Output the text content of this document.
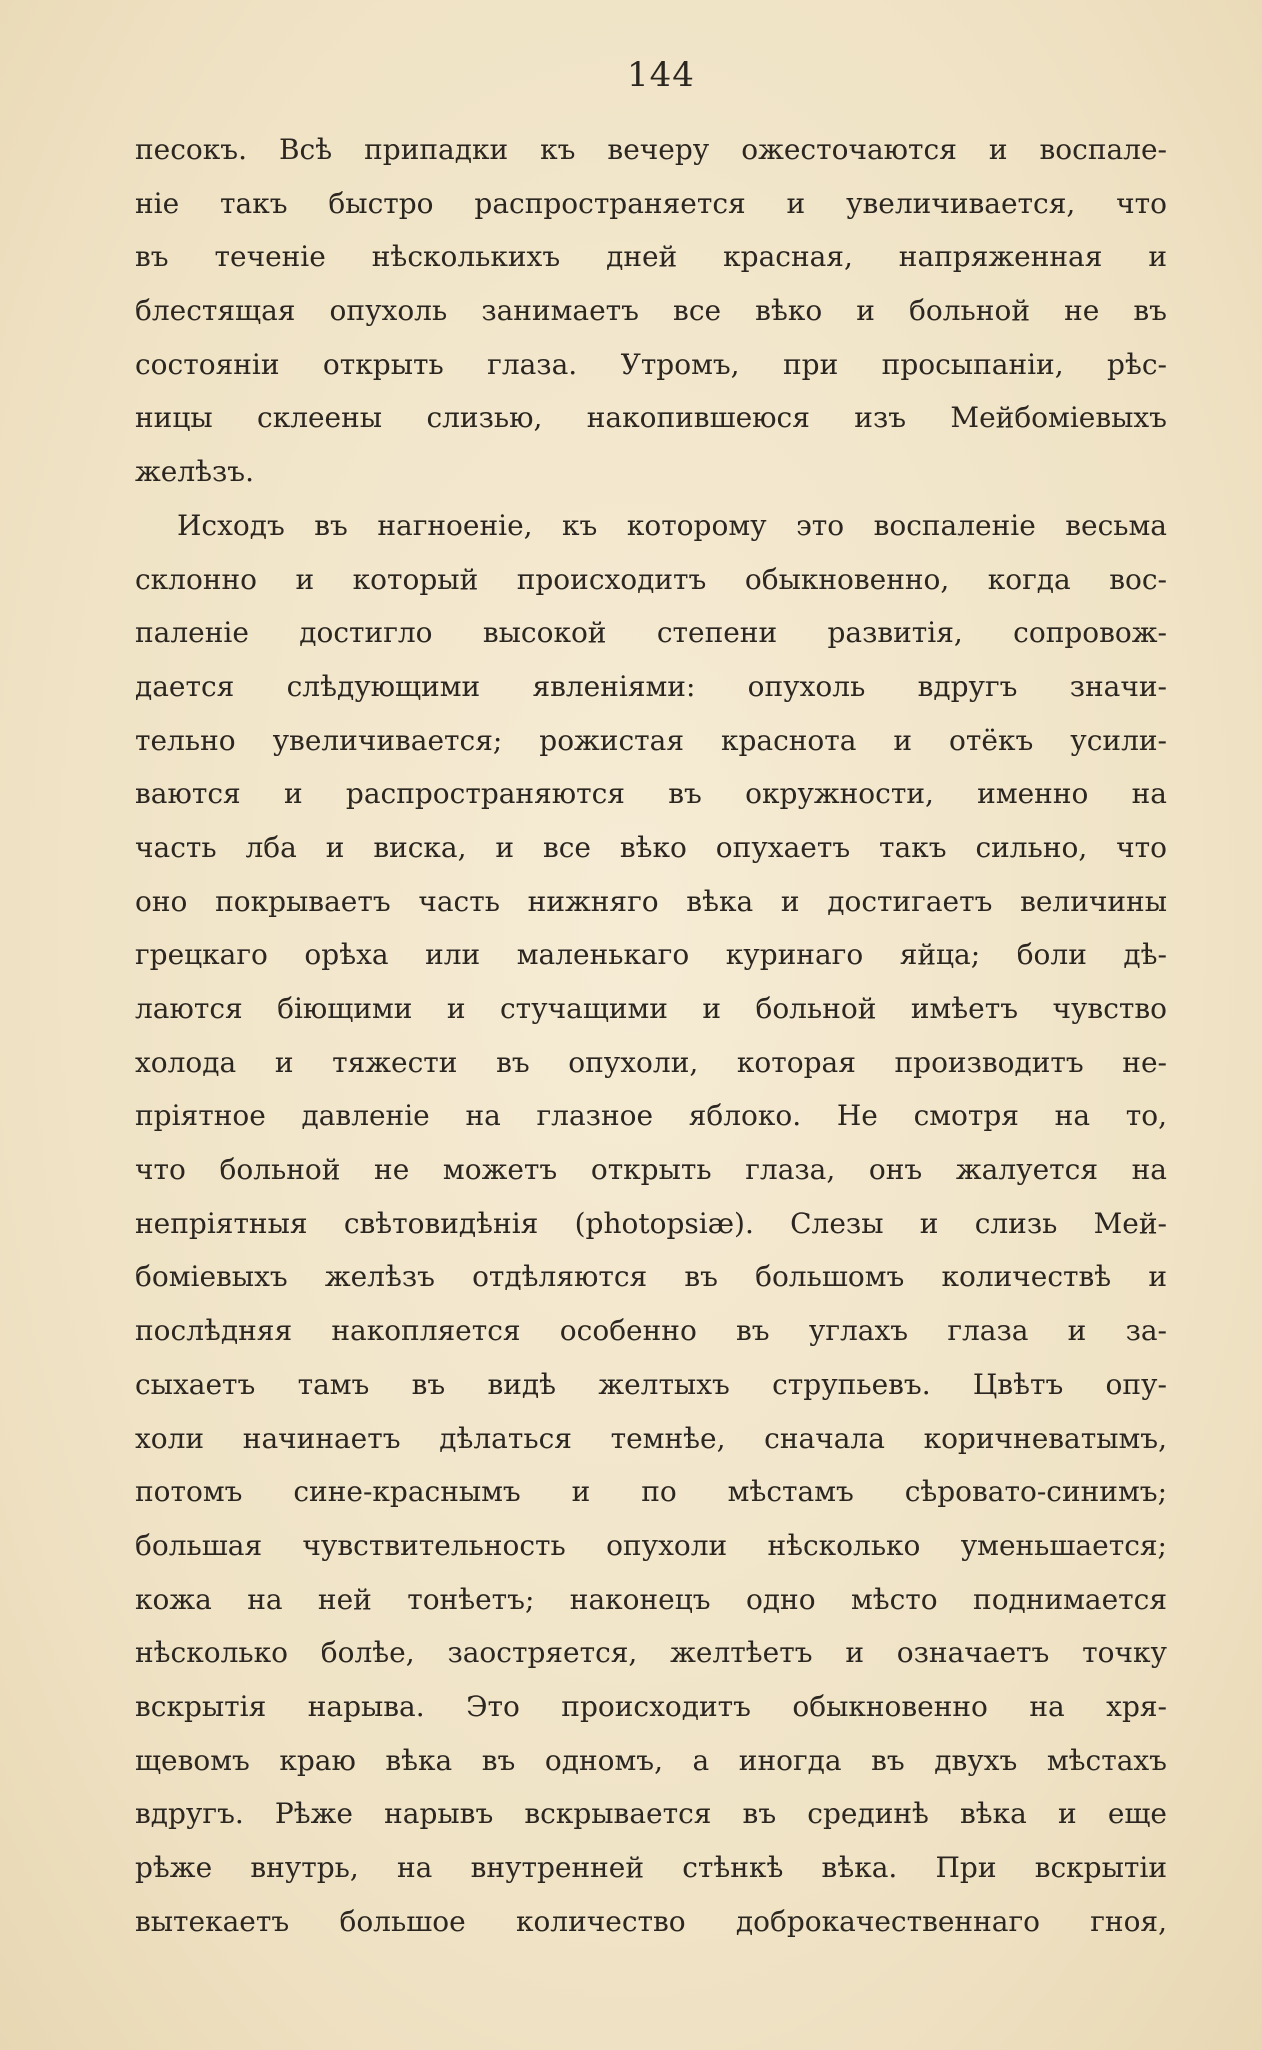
144
песокъ. Всѣ припадки къ вечеру ожесточаются и воспале-
ніе такъ быстро распространяется и увеличивается, что
въ теченіе нѣсколькихъ дней красная, напряженная и
блестящая опухоль занимаетъ все вѣко и больной не въ
состояніи открыть глаза. Утромъ, при просыпаніи, рѣс-
ницы склеены слизью, накопившеюся изъ Мейбоміевыхъ
желѣзъ.
Исходъ въ нагноеніе, къ которому это воспаленіе весьма
склонно и который происходитъ обыкновенно, когда вос-
паленіе достигло высокой степени развитія, сопровож-
дается слѣдующими явленіями: опухоль вдругъ значи-
тельно увеличивается; рожистая краснота и отёкъ усили-
ваются и распространяются въ окружности, именно на
часть лба и виска, и все вѣко опухаетъ такъ сильно, что
оно покрываетъ часть нижняго вѣка и достигаетъ величины
грецкаго орѣха или маленькаго куринаго яйца; боли дѣ-
лаются біющими и стучащими и больной имѣетъ чувство
холода и тяжести въ опухоли, которая производитъ не-
пріятное давленіе на глазное яблоко. Не смотря на то,
что больной не можетъ открыть глаза, онъ жалуется на
непріятныя свѣтовидѣнія (photopsiæ). Слезы и слизь Мей-
боміевыхъ желѣзъ отдѣляются въ большомъ количествѣ и
послѣдняя накопляется особенно въ углахъ глаза и за-
сыхаетъ тамъ въ видѣ желтыхъ струпьевъ. Цвѣтъ опу-
холи начинаетъ дѣлаться темнѣе, сначала коричневатымъ,
потомъ сине-краснымъ и по мѣстамъ сѣровато-синимъ;
большая чувствительность опухоли нѣсколько уменьшается;
кожа на ней тонѣетъ; наконецъ одно мѣсто поднимается
нѣсколько болѣе, заостряется, желтѣетъ и означаетъ точку
вскрытія нарыва. Это происходитъ обыкновенно на хря-
щевомъ краю вѣка въ одномъ, а иногда въ двухъ мѣстахъ
вдругъ. Рѣже нарывъ вскрывается въ срединѣ вѣка и еще
рѣже внутрь, на внутренней стѣнкѣ вѣка. При вскрытіи
вытекаетъ большое количество доброкачественнаго гноя,
